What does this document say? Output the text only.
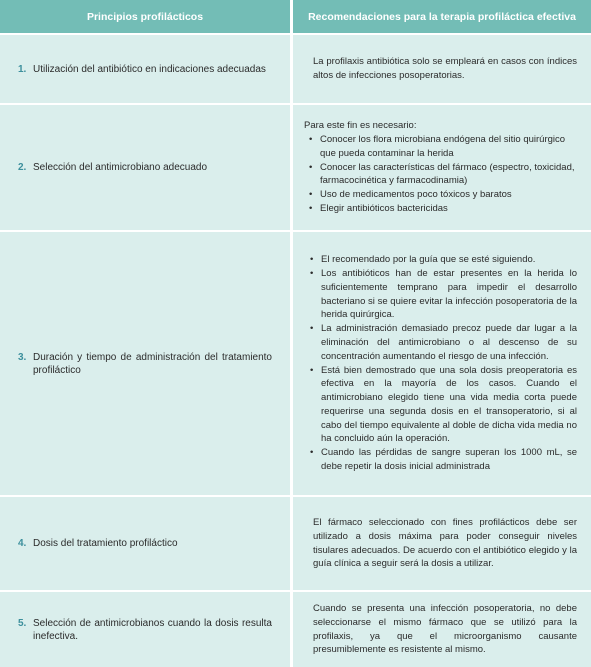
Principios profilácticos	Recomendaciones para la terapia profiláctica efectiva
1. Utilización del antibiótico en indicaciones adecuadas
La profilaxis antibiótica solo se empleará en casos con índices altos de infecciones posoperatorias.
2. Selección del antimicrobiano adecuado
Para este fin es necesario:
• Conocer los flora microbiana endógena del sitio quirúrgico que pueda contaminar la herida
• Conocer las características del fármaco (espectro, toxicidad, farmacocinética y farmacodinamia)
• Uso de medicamentos poco tóxicos y baratos
• Elegir antibióticos bactericidas
3. Duración y tiempo de administración del tratamiento profiláctico
• El recomendado por la guía que se esté siguiendo.
• Los antibióticos han de estar presentes en la herida lo suficientemente temprano para impedir el desarrollo bacteriano si se quiere evitar la infección posoperatoria de la herida quirúrgica.
• La administración demasiado precoz puede dar lugar a la eliminación del antimicrobiano o al descenso de su concentración aumentando el riesgo de una infección.
• Está bien demostrado que una sola dosis preoperatoria es efectiva en la mayoría de los casos. Cuando el antimicrobiano elegido tiene una vida media corta puede requerirse una segunda dosis en el transoperatorio, si al cabo del tiempo equivalente al doble de dicha vida media no ha concluido aún la operación.
• Cuando las pérdidas de sangre superan los 1000 mL, se debe repetir la dosis inicial administrada
4. Dosis del tratamiento profiláctico
El fármaco seleccionado con fines profilácticos debe ser utilizado a dosis máxima para poder conseguir niveles tisulares adecuados. De acuerdo con el antibiótico elegido y la guía clínica a seguir será la dosis a utilizar.
5. Selección de antimicrobianos cuando la dosis resulta inefectiva.
Cuando se presenta una infección posoperatoria, no debe seleccionarse el mismo fármaco que se utilizó para la profilaxis, ya que el microorganismo causante presumiblemente es resistente al mismo.
